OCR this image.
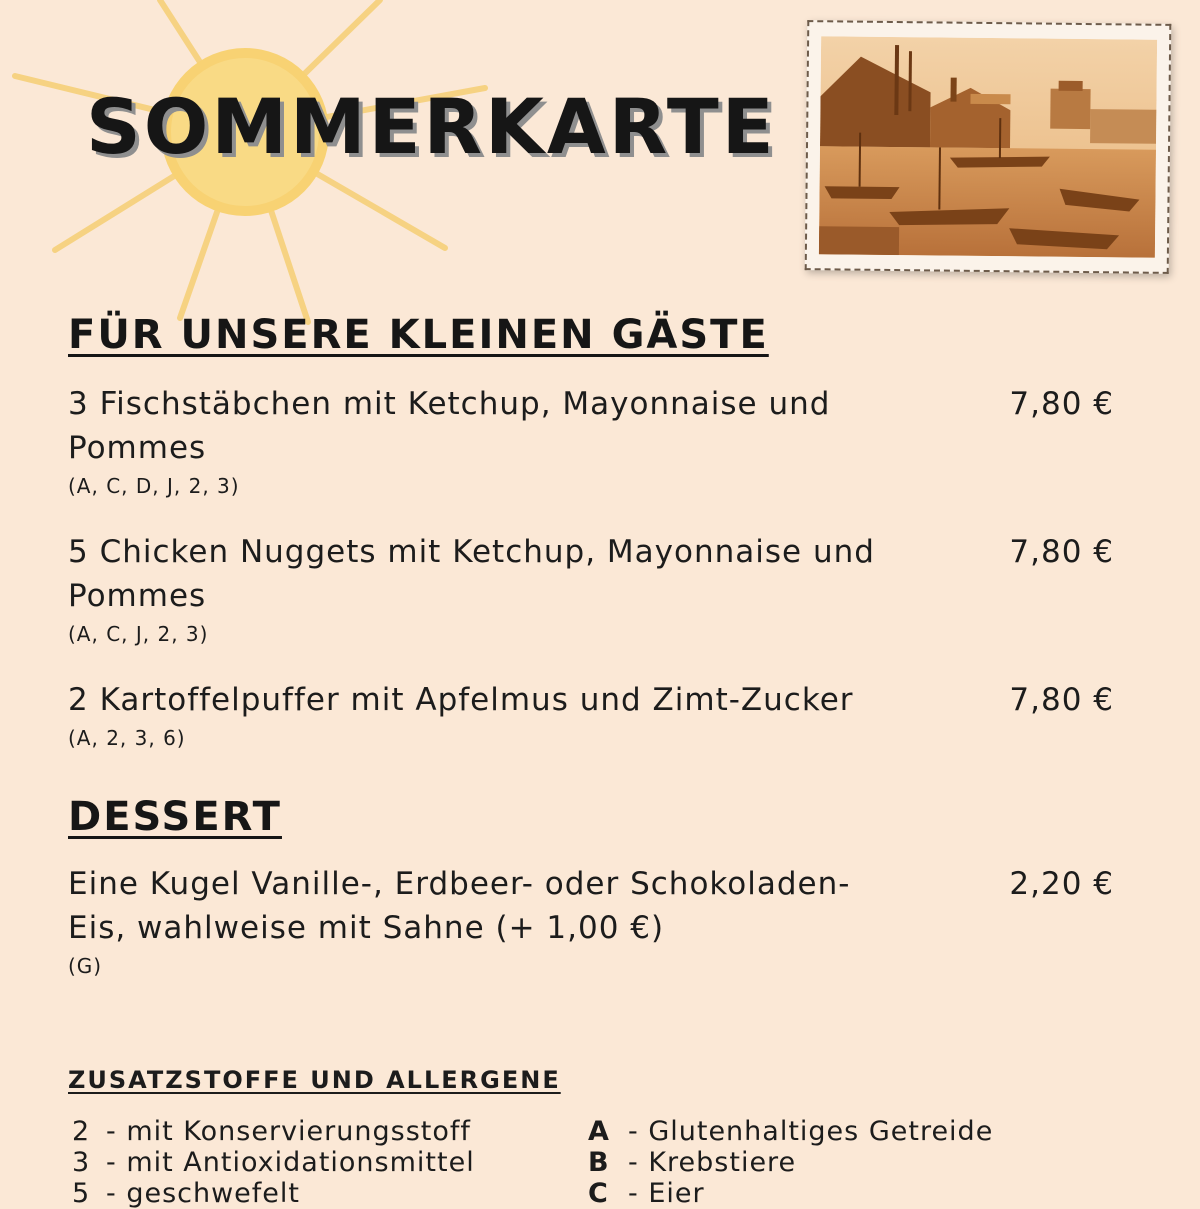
SOMMERKARTE
FÜR UNSERE KLEINEN GÄSTE
3 Fischstäbchen mit Ketchup, Mayonnaise und Pommes
(A, C, D, J, 2, 3)
7,80 €
5 Chicken Nuggets mit Ketchup, Mayonnaise und Pommes
(A, C, J, 2, 3)
7,80 €
2 Kartoffelpuffer mit Apfelmus und Zimt-Zucker
(A, 2, 3, 6)
7,80 €
DESSERT
Eine Kugel Vanille-, Erdbeer- oder Schokoladen-Eis, wahlweise mit Sahne (+ 1,00 €)
(G)
2,20 €
ZUSATZSTOFFE UND ALLERGENE
2 - mit Konservierungsstoff
3 - mit Antioxidationsmittel
5 - geschwefelt
A - Glutenhaltiges Getreide
B - Krebstiere
C - Eier
